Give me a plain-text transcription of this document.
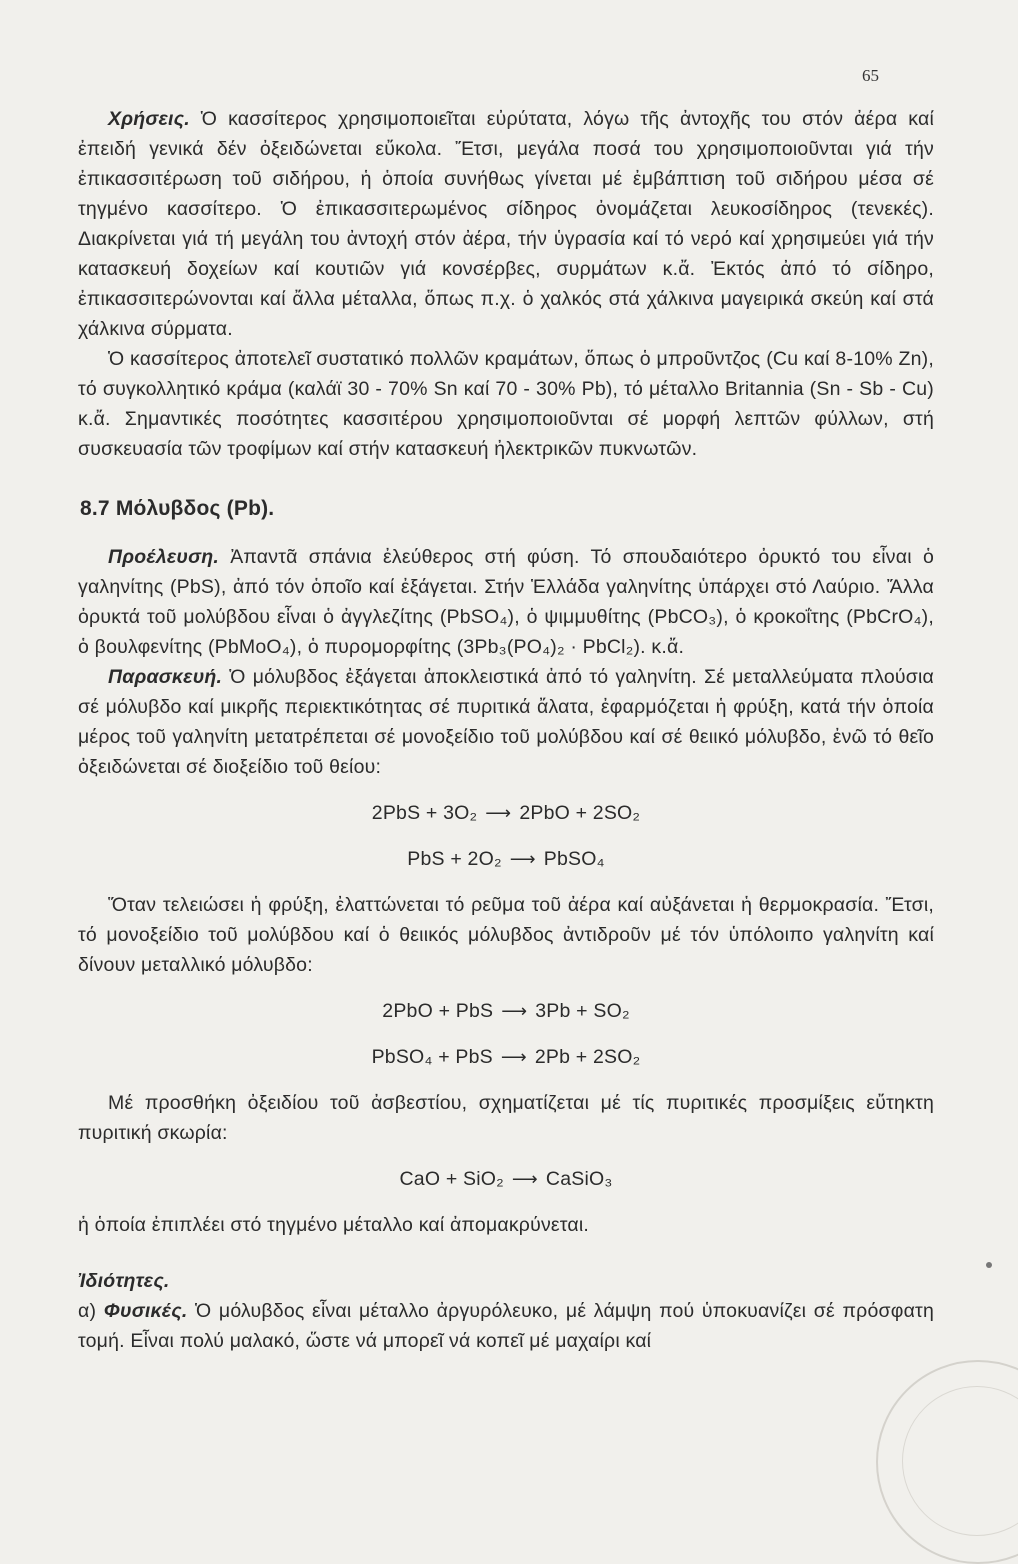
65

Χρήσεις. Ὁ κασσίτερος χρησιμοποιεῖται εὐρύτατα, λόγω τῆς ἀντοχῆς του στόν ἀέρα καί ἐπειδή γενικά δέν ὀξειδώνεται εὔκολα. Ἔτσι, μεγάλα ποσά του χρησιμοποιοῦνται γιά τήν ἐπικασσιτέρωση τοῦ σιδήρου, ἡ ὁποία συνήθως γίνεται μέ ἐμβάπτιση τοῦ σιδήρου μέσα σέ τηγμένο κασσίτερο. Ὁ ἐπικασσιτερωμένος σίδηρος ὀνομάζεται λευκοσίδηρος (τενεκές). Διακρίνεται γιά τή μεγάλη του ἀντοχή στόν ἀέρα, τήν ὑγρασία καί τό νερό καί χρησιμεύει γιά τήν κατασκευή δοχείων καί κουτιῶν γιά κονσέρβες, συρμάτων κ.ἄ. Ἐκτός ἀπό τό σίδηρο, ἐπικασσιτερώνονται καί ἄλλα μέταλλα, ὅπως π.χ. ὁ χαλκός στά χάλκινα μαγειρικά σκεύη καί στά χάλκινα σύρματα.

Ὁ κασσίτερος ἀποτελεῖ συστατικό πολλῶν κραμάτων, ὅπως ὁ μπροῦντζος (Cu καί 8-10% Zn), τό συγκολλητικό κράμα (καλάϊ 30 - 70% Sn καί 70 - 30% Pb), τό μέταλλο Britannia (Sn - Sb - Cu) κ.ἄ. Σημαντικές ποσότητες κασσιτέρου χρησιμοποιοῦνται σέ μορφή λεπτῶν φύλλων, στή συσκευασία τῶν τροφίμων καί στήν κατασκευή ἠλεκτρικῶν πυκνωτῶν.

8.7 Μόλυβδος (Pb).

Προέλευση. Ἀπαντᾶ σπάνια ἐλεύθερος στή φύση. Τό σπουδαιότερο ὀρυκτό του εἶναι ὁ γαληνίτης (PbS), ἀπό τόν ὁποῖο καί ἐξάγεται. Στήν Ἑλλάδα γαληνίτης ὑπάρχει στό Λαύριο. Ἄλλα ὀρυκτά τοῦ μολύβδου εἶναι ὁ ἀγγλεζίτης (PbSO₄), ὁ ψιμμυθίτης (PbCO₃), ὁ κροκοΐτης (PbCrO₄), ὁ βουλφενίτης (PbMoO₄), ὁ πυρομορφίτης (3Pb₃(PO₄)₂ · PbCl₂). κ.ἄ.

Παρασκευή. Ὁ μόλυβδος ἐξάγεται ἀποκλειστικά ἀπό τό γαληνίτη. Σέ μεταλλεύματα πλούσια σέ μόλυβδο καί μικρῆς περιεκτικότητας σέ πυριτικά ἄλατα, ἐφαρμόζεται ἡ φρύξη, κατά τήν ὁποία μέρος τοῦ γαληνίτη μετατρέπεται σέ μονοξείδιο τοῦ μολύβδου καί σέ θειικό μόλυβδο, ἐνῶ τό θεῖο ὀξειδώνεται σέ διοξείδιο τοῦ θείου:

2PbS + 3O₂ ⟶ 2PbO + 2SO₂
PbS + 2O₂ ⟶ PbSO₄

Ὅταν τελειώσει ἡ φρύξη, ἐλαττώνεται τό ρεῦμα τοῦ ἀέρα καί αὐξάνεται ἡ θερμοκρασία. Ἔτσι, τό μονοξείδιο τοῦ μολύβδου καί ὁ θειικός μόλυβδος ἀντιδροῦν μέ τόν ὑπόλοιπο γαληνίτη καί δίνουν μεταλλικό μόλυβδο:

2PbO + PbS ⟶ 3Pb + SO₂
PbSO₄ + PbS ⟶ 2Pb + 2SO₂

Μέ προσθήκη ὀξειδίου τοῦ ἀσβεστίου, σχηματίζεται μέ τίς πυριτικές προσμίξεις εὔτηκτη πυριτική σκωρία:

CaO + SiO₂ ⟶ CaSiO₃

ἡ ὁποία ἐπιπλέει στό τηγμένο μέταλλο καί ἀπομακρύνεται.

Ἰδιότητες.

α) Φυσικές. Ὁ μόλυβδος εἶναι μέταλλο ἀργυρόλευκο, μέ λάμψη πού ὑποκυανίζει σέ πρόσφατη τομή. Εἶναι πολύ μαλακό, ὥστε νά μπορεῖ νά κοπεῖ μέ μαχαίρι καί
